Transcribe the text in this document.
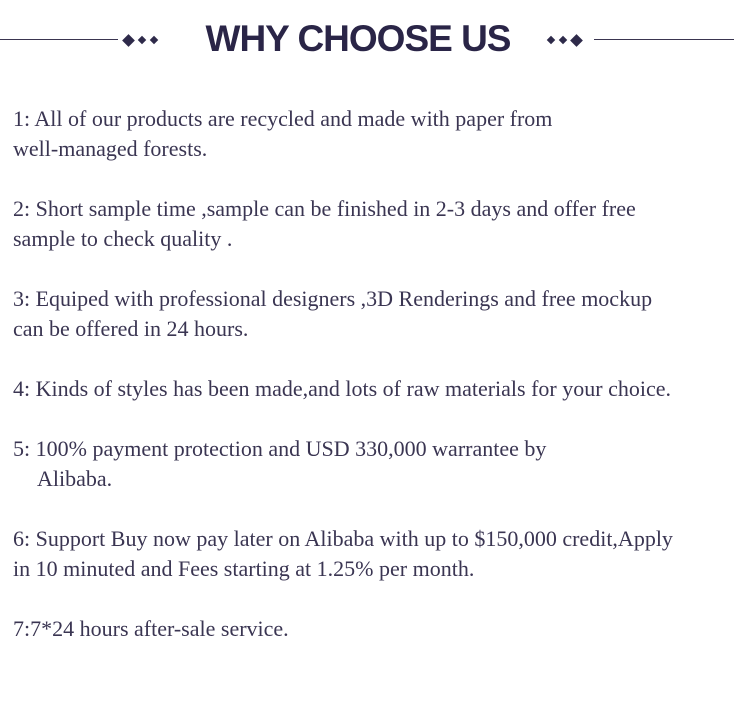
WHY CHOOSE US
1: All of our products are recycled and made with paper from
well-managed forests.
2: Short sample time ,sample can be finished in 2-3 days and offer free
sample to check quality .
3: Equiped with professional designers ,3D Renderings and free mockup
can be offered in 24 hours.
4: Kinds of styles has been made,and lots of raw materials for your choice.
5: 100% payment protection and USD 330,000 warrantee by
Alibaba.
6: Support Buy now pay later on Alibaba with up to $150,000 credit,Apply
in 10 minuted and Fees starting at 1.25% per month.
7:7*24 hours after-sale service.
